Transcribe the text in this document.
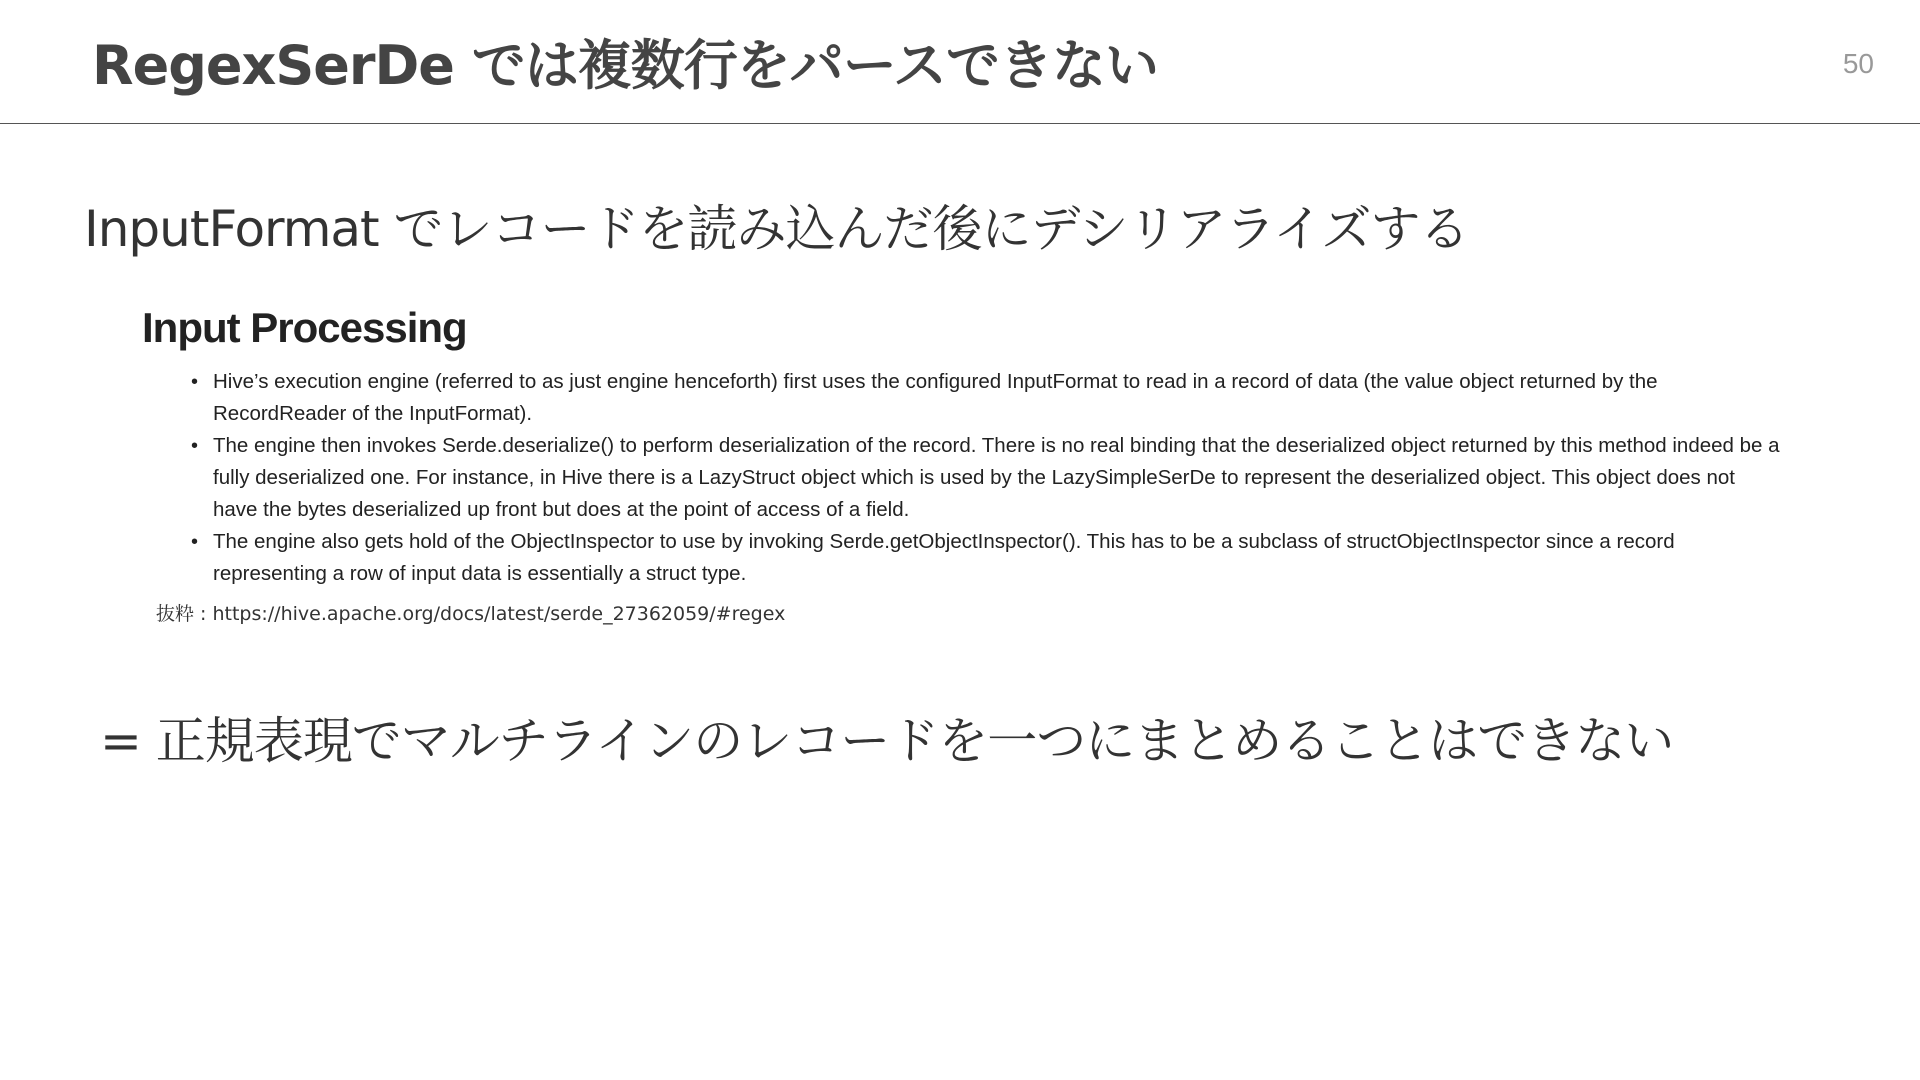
RegexSerDe では複数行をパースできない	50
InputFormat でレコードを読み込んだ後にデシリアライズする
Input Processing
• Hive’s execution engine (referred to as just engine henceforth) first uses the configured InputFormat to read in a record of data (the value object returned by the RecordReader of the InputFormat).
• The engine then invokes Serde.deserialize() to perform deserialization of the record. There is no real binding that the deserialized object returned by this method indeed be a fully deserialized one. For instance, in Hive there is a LazyStruct object which is used by the LazySimpleSerDe to represent the deserialized object. This object does not have the bytes deserialized up front but does at the point of access of a field.
• The engine also gets hold of the ObjectInspector to use by invoking Serde.getObjectInspector(). This has to be a subclass of structObjectInspector since a record representing a row of input data is essentially a struct type.
抜粋 : https://hive.apache.org/docs/latest/serde_27362059/#regex
= 正規表現でマルチラインのレコードを一つにまとめることはできない
